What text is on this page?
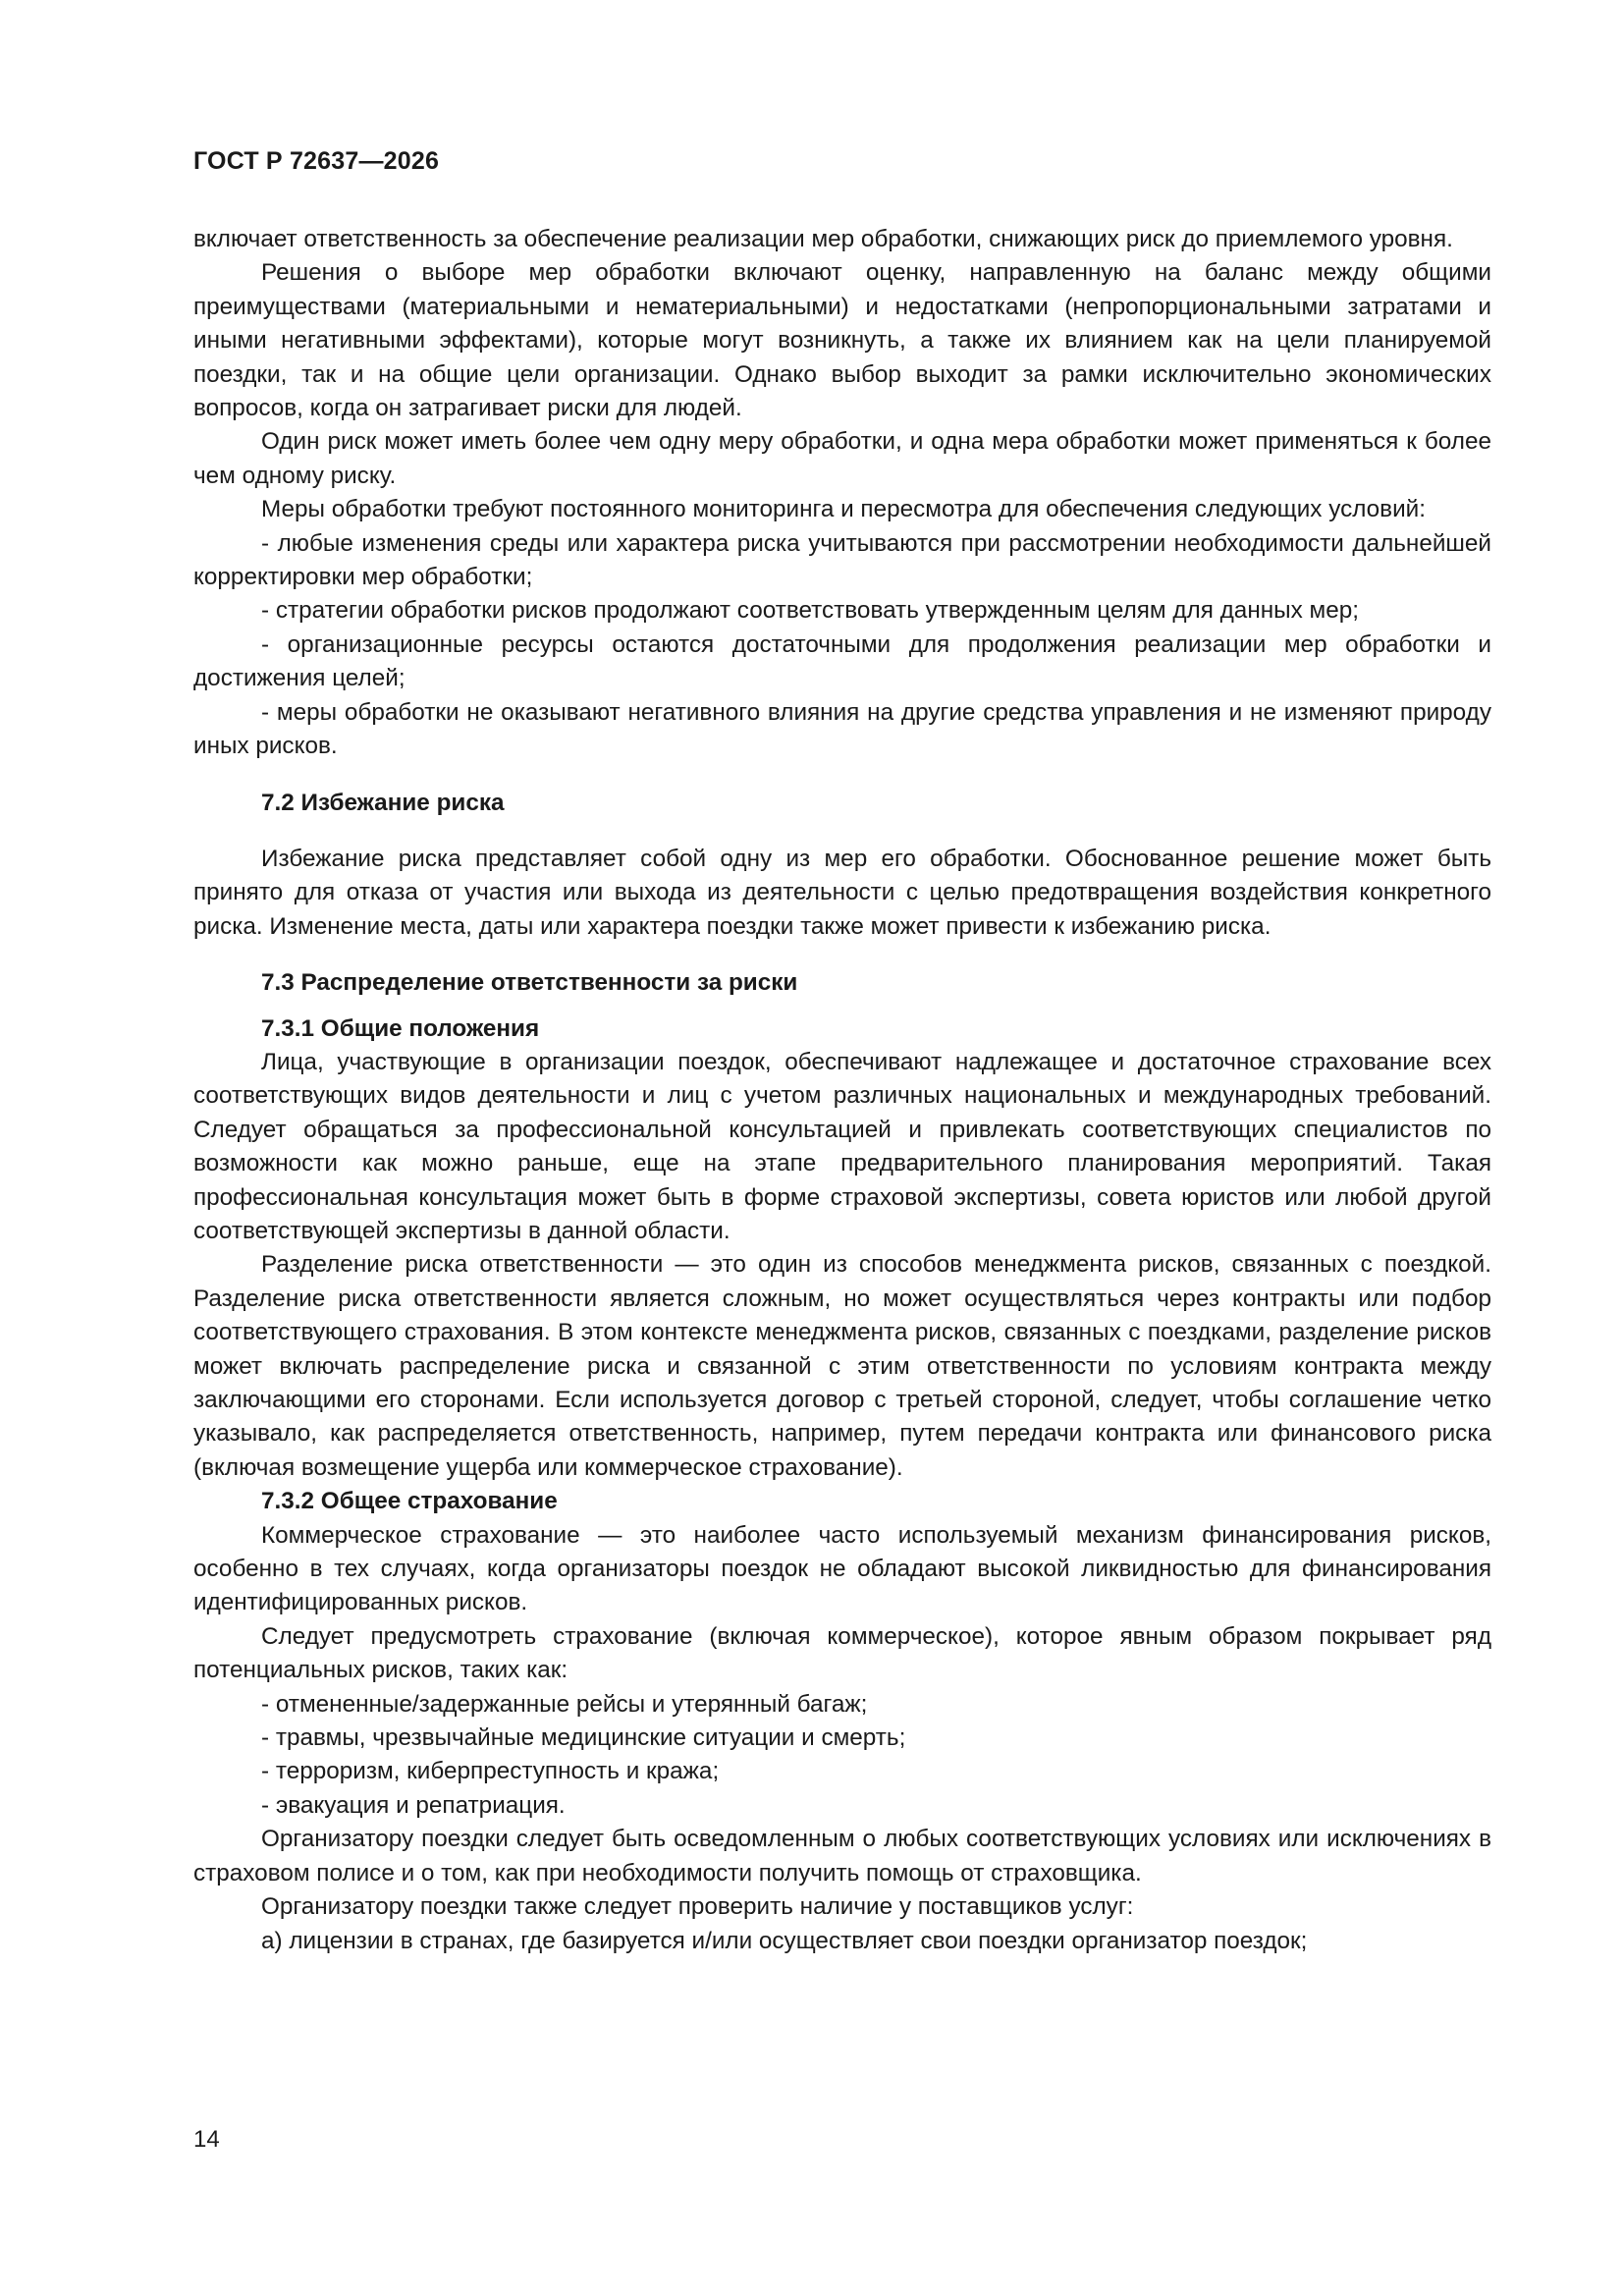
ГОСТ Р 72637—2026

включает ответственность за обеспечение реализации мер обработки, снижающих риск до приемлемого уровня.

Решения о выборе мер обработки включают оценку, направленную на баланс между общими преимуществами (материальными и нематериальными) и недостатками (непропорциональными затратами и иными негативными эффектами), которые могут возникнуть, а также их влиянием как на цели планируемой поездки, так и на общие цели организации. Однако выбор выходит за рамки исключительно экономических вопросов, когда он затрагивает риски для людей.

Один риск может иметь более чем одну меру обработки, и одна мера обработки может применяться к более чем одному риску.

Меры обработки требуют постоянного мониторинга и пересмотра для обеспечения следующих условий:

- любые изменения среды или характера риска учитываются при рассмотрении необходимости дальнейшей корректировки мер обработки;

- стратегии обработки рисков продолжают соответствовать утвержденным целям для данных мер;

- организационные ресурсы остаются достаточными для продолжения реализации мер обработки и достижения целей;

- меры обработки не оказывают негативного влияния на другие средства управления и не изменяют природу иных рисков.

7.2 Избежание риска

Избежание риска представляет собой одну из мер его обработки. Обоснованное решение может быть принято для отказа от участия или выхода из деятельности с целью предотвращения воздействия конкретного риска. Изменение места, даты или характера поездки также может привести к избежанию риска.

7.3 Распределение ответственности за риски

7.3.1 Общие положения

Лица, участвующие в организации поездок, обеспечивают надлежащее и достаточное страхование всех соответствующих видов деятельности и лиц с учетом различных национальных и международных требований. Следует обращаться за профессиональной консультацией и привлекать соответствующих специалистов по возможности как можно раньше, еще на этапе предварительного планирования мероприятий. Такая профессиональная консультация может быть в форме страховой экспертизы, совета юристов или любой другой соответствующей экспертизы в данной области.

Разделение риска ответственности — это один из способов менеджмента рисков, связанных с поездкой. Разделение риска ответственности является сложным, но может осуществляться через контракты или подбор соответствующего страхования. В этом контексте менеджмента рисков, связанных с поездками, разделение рисков может включать распределение риска и связанной с этим ответственности по условиям контракта между заключающими его сторонами. Если используется договор с третьей стороной, следует, чтобы соглашение четко указывало, как распределяется ответственность, например, путем передачи контракта или финансового риска (включая возмещение ущерба или коммерческое страхование).

7.3.2 Общее страхование

Коммерческое страхование — это наиболее часто используемый механизм финансирования рисков, особенно в тех случаях, когда организаторы поездок не обладают высокой ликвидностью для финансирования идентифицированных рисков.

Следует предусмотреть страхование (включая коммерческое), которое явным образом покрывает ряд потенциальных рисков, таких как:

- отмененные/задержанные рейсы и утерянный багаж;

- травмы, чрезвычайные медицинские ситуации и смерть;

- терроризм, киберпреступность и кража;

- эвакуация и репатриация.

Организатору поездки следует быть осведомленным о любых соответствующих условиях или исключениях в страховом полисе и о том, как при необходимости получить помощь от страховщика.

Организатору поездки также следует проверить наличие у поставщиков услуг:

а) лицензии в странах, где базируется и/или осуществляет свои поездки организатор поездок;

14
